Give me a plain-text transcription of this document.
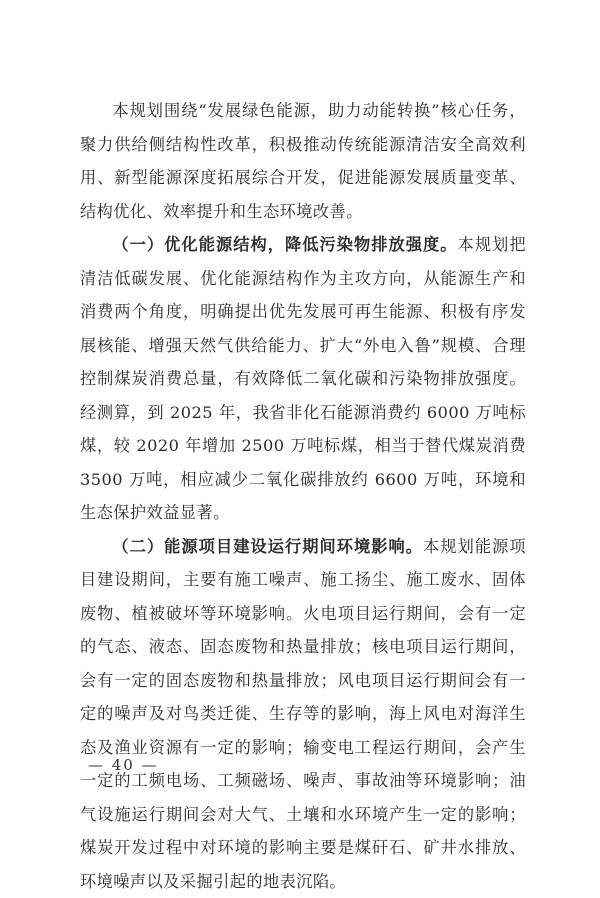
本规划围绕“发展绿色能源，助力动能转换”核心任务，聚力供给侧结构性改革，积极推动传统能源清洁安全高效利用、新型能源深度拓展综合开发，促进能源发展质量变革、结构优化、效率提升和生态环境改善。

（一）优化能源结构，降低污染物排放强度。本规划把清洁低碳发展、优化能源结构作为主攻方向，从能源生产和消费两个角度，明确提出优先发展可再生能源、积极有序发展核能、增强天然气供给能力、扩大“外电入鲁”规模、合理控制煤炭消费总量，有效降低二氧化碳和污染物排放强度。经测算，到 2025 年，我省非化石能源消费约 6000 万吨标煤，较 2020 年增加 2500 万吨标煤，相当于替代煤炭消费 3500 万吨，相应减少二氧化碳排放约 6600 万吨，环境和生态保护效益显著。

（二）能源项目建设运行期间环境影响。本规划能源项目建设期间，主要有施工噪声、施工扬尘、施工废水、固体废物、植被破坏等环境影响。火电项目运行期间，会有一定的气态、液态、固态废物和热量排放；核电项目运行期间，会有一定的固态废物和热量排放；风电项目运行期间会有一定的噪声及对鸟类迁徙、生存等的影响，海上风电对海洋生态及渔业资源有一定的影响；输变电工程运行期间，会产生一定的工频电场、工频磁场、噪声、事故油等环境影响；油气设施运行期间会对大气、土壤和水环境产生一定的影响；煤炭开发过程中对环境的影响主要是煤矸石、矿井水排放、环境噪声以及采掘引起的地表沉陷。

— 40 —
